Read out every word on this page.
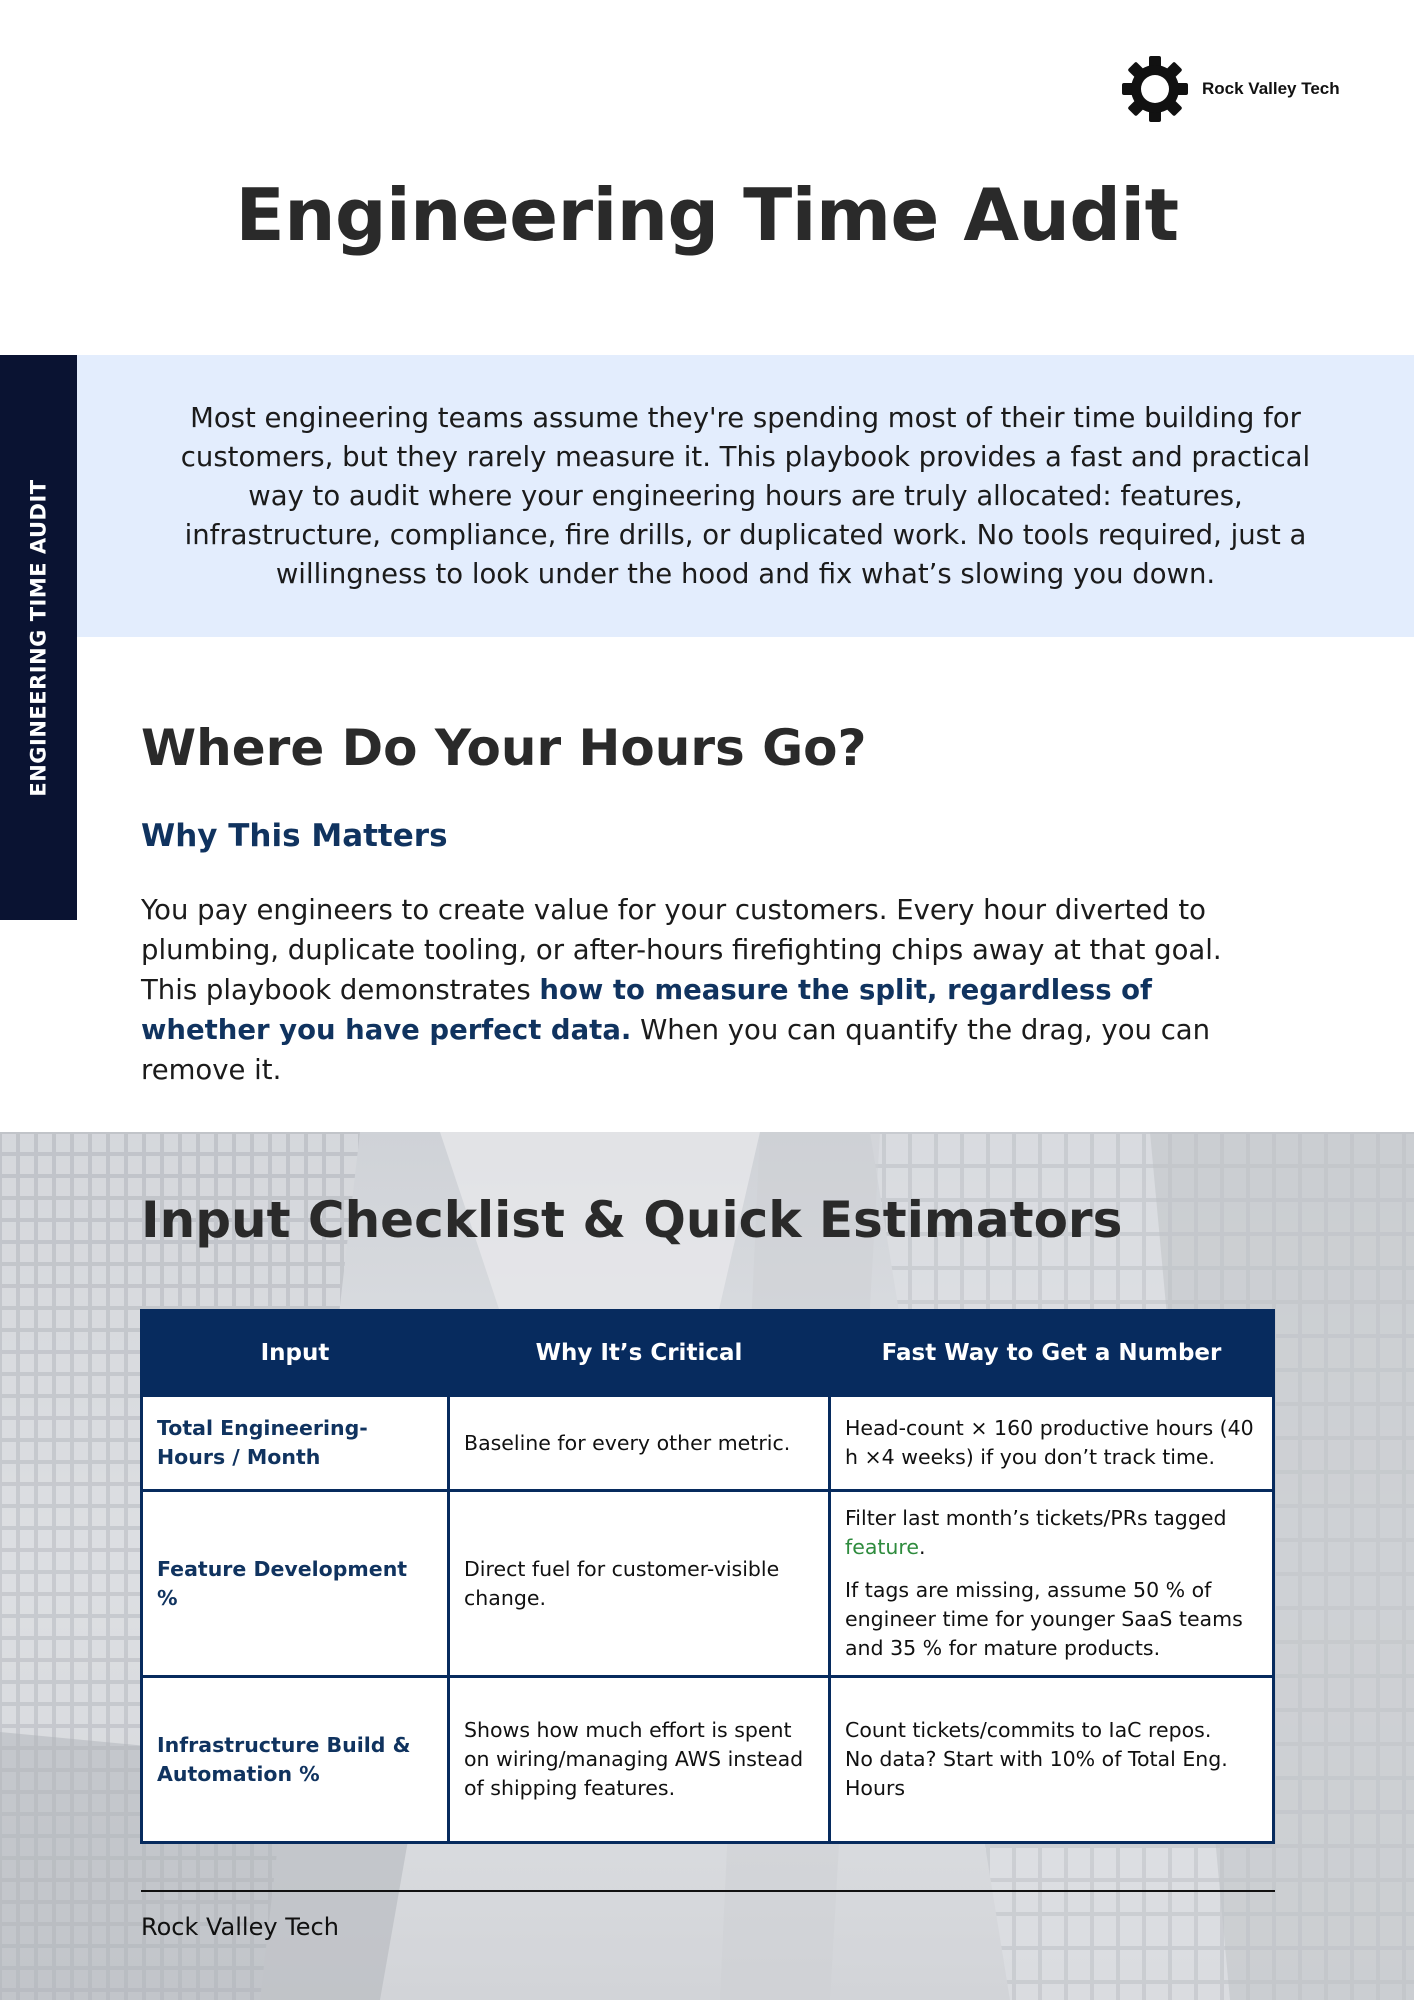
Rock Valley Tech
Engineering Time Audit
ENGINEERING TIME AUDIT

Most engineering teams assume they're spending most of their time building for customers, but they rarely measure it. This playbook provides a fast and practical way to audit where your engineering hours are truly allocated: features, infrastructure, compliance, fire drills, or duplicated work. No tools required, just a willingness to look under the hood and fix what’s slowing you down.

Where Do Your Hours Go?
Why This Matters

You pay engineers to create value for your customers. Every hour diverted to plumbing, duplicate tooling, or after-hours firefighting chips away at that goal. This playbook demonstrates how to measure the split, regardless of whether you have perfect data. When you can quantify the drag, you can remove it.

Input Checklist & Quick Estimators
Input	Why It’s Critical	Fast Way to Get a Number
Total Engineering-Hours / Month	Baseline for every other metric.	Head-count × 160 productive hours (40 h ×4 weeks) if you don’t track time.
Feature Development %	Direct fuel for customer-visible change.	Filter last month’s tickets/PRs tagged feature.

If tags are missing, assume 50 % of engineer time for younger SaaS teams and 35 % for mature products.

Infrastructure Build & Automation %	Shows how much effort is spent on wiring/managing AWS instead of shipping features.	Count tickets/commits to IaC repos.
No data? Start with 10% of Total Eng. Hours
Rock Valley Tech
